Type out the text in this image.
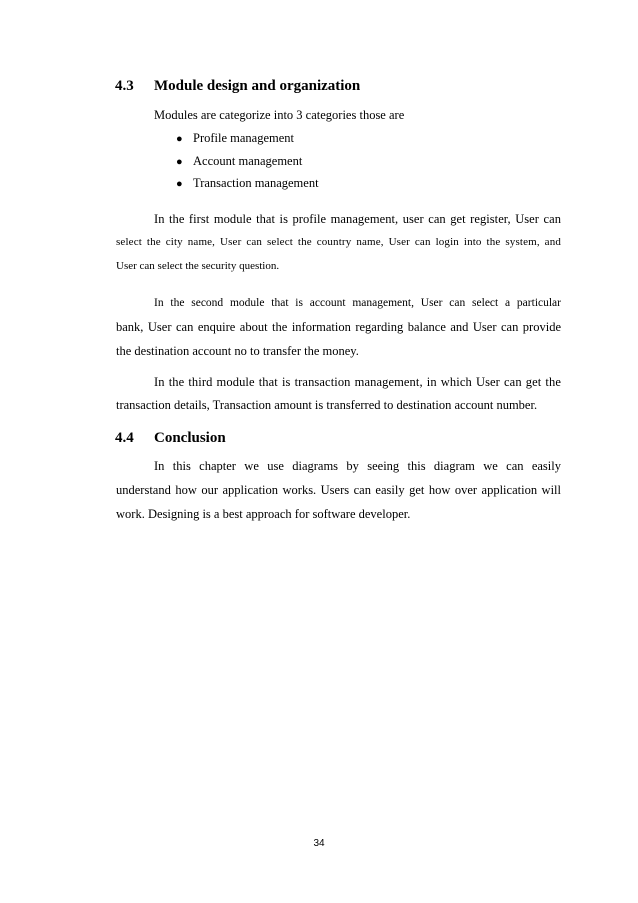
4.3 Module design and organization
Modules are categorize into 3 categories those are
● Profile management
● Account management
● Transaction management
In the first module that is profile management, user can get register, User can
select the city name, User can select the country name, User can login into the system, and
User can select the security question.
In the second module that is account management, User can select a particular
bank, User can enquire about the information regarding balance and User can provide
the destination account no to transfer the money.
In the third module that is transaction management, in which User can get the
transaction details, Transaction amount is transferred to destination account number.
4.4 Conclusion
In this chapter we use diagrams by seeing this diagram we can easily
understand how our application works. Users can easily get how over application will
work. Designing is a best approach for software developer.
34
